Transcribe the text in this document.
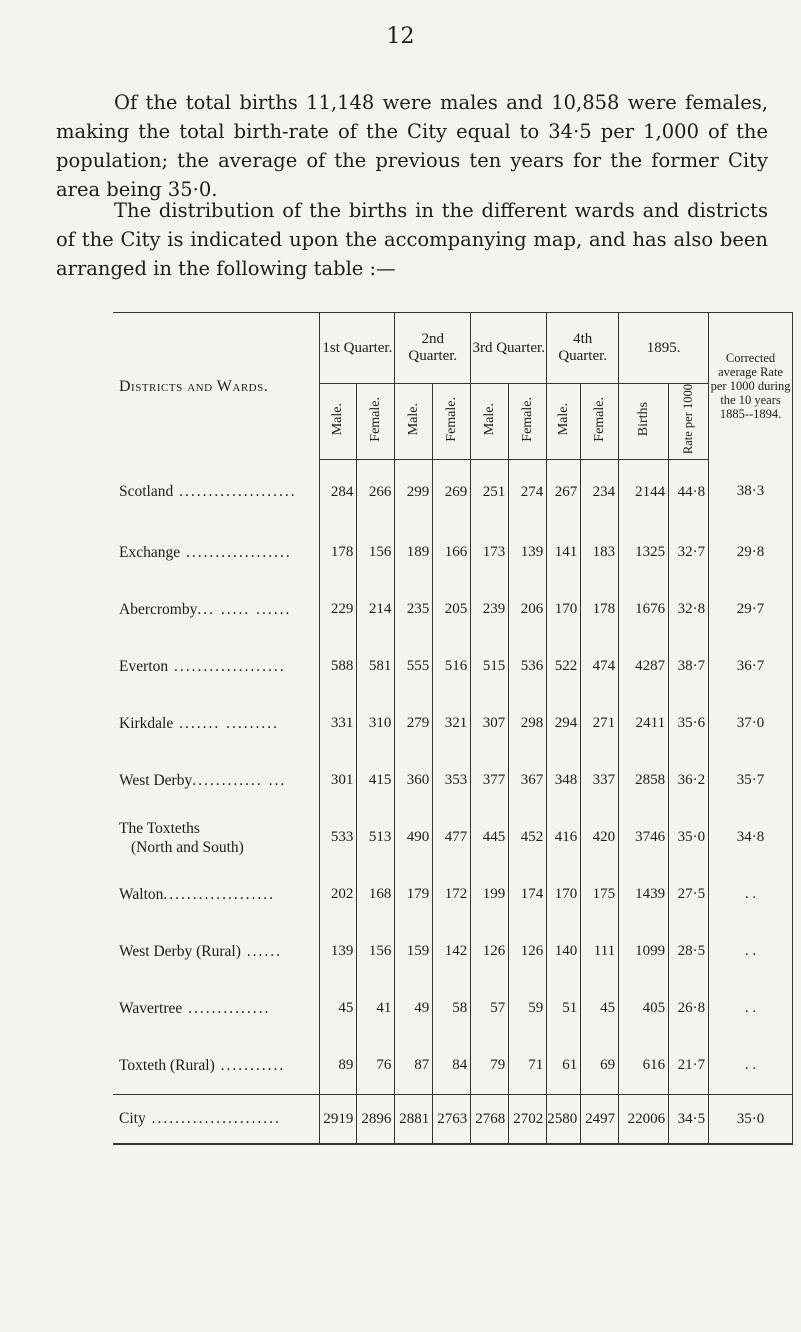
12

Of the total births 11,148 were males and 10,858 were females, making the total birth-rate of the City equal to 34·5 per 1,000 of the population; the average of the previous ten years for the former City area being 35·0.

The distribution of the births in the different wards and districts of the City is indicated upon the accompanying map, and has also been arranged in the following table :—

Districts and Wards.	1st Quarter.		2nd Quarter.		3rd Quarter.		4th Quarter.		1895.		Corrected average Rate per 1000 during the 10 years 1885--1894.
	Male.	Female.	Male.	Female.	Male.	Female.	Male.	Female.	Births	Rate per 1000	
Scotland ....................	284	266	299	269	251	274	267	234	2144	44·8	38·3
Exchange ..................	178	156	189	166	173	139	141	183	1325	32·7	29·8
Abercromby... ..... ......	229	214	235	205	239	206	170	178	1676	32·8	29·7
Everton ...................	588	581	555	516	515	536	522	474	4287	38·7	36·7
Kirkdale ....... .........	331	310	279	321	307	298	294	271	2411	35·6	37·0
West Derby............ ...	301	415	360	353	377	367	348	337	2858	36·2	35·7
The Toxteths
(North and South)	533	513	490	477	445	452	416	420	3746	35·0	34·8
Walton...................	202	168	179	172	199	174	170	175	1439	27·5	. .
West Derby (Rural) ......	139	156	159	142	126	126	140	111	1099	28·5	. .
Wavertree ..............	45	41	49	58	57	59	51	45	405	26·8	. .
Toxteth (Rural) ...........	89	76	87	84	79	71	61	69	616	21·7	. .
City ......................	2919	2896	2881	2763	2768	2702	2580	2497	22006	34·5	35·0
